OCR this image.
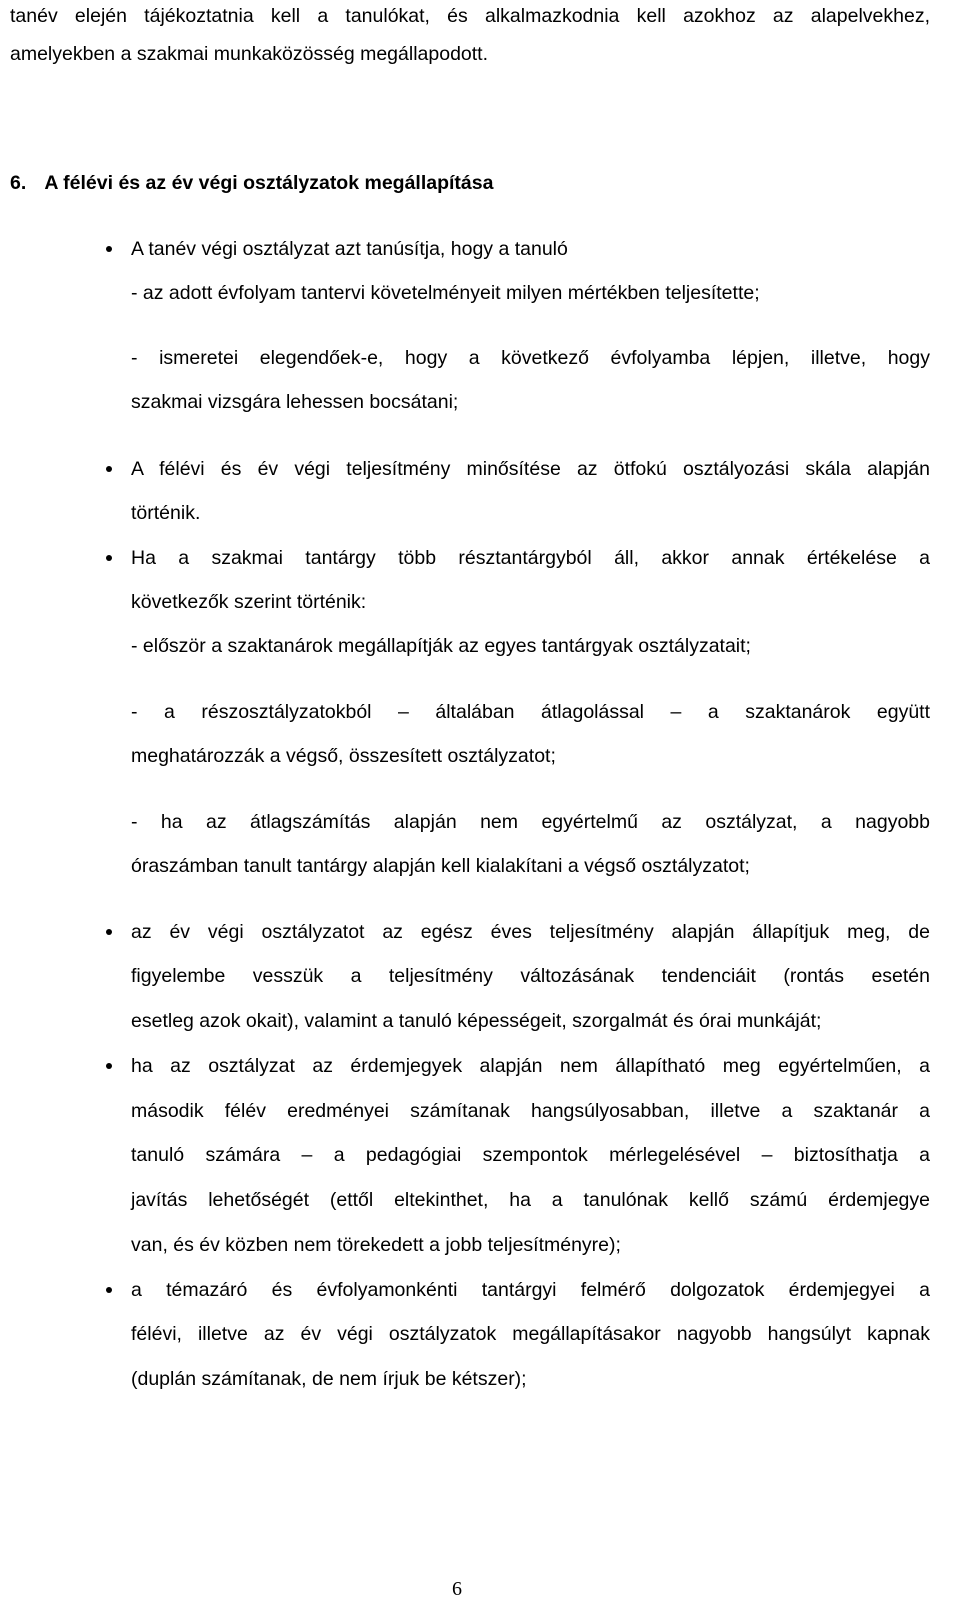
tanév elején tájékoztatnia kell a tanulókat, és alkalmazkodnia kell azokhoz az alapelvekhez,
amelyekben a szakmai munkaközösség megállapodott.
6. A félévi és az év végi osztályzatok megállapítása
A tanév végi osztályzat azt tanúsítja, hogy a tanuló
- az adott évfolyam tantervi követelményeit milyen mértékben teljesítette;
- ismeretei elegendőek-e, hogy a következő évfolyamba lépjen, illetve, hogy
szakmai vizsgára lehessen bocsátani;
A félévi és év végi teljesítmény minősítése az ötfokú osztályozási skála alapján
történik.
Ha a szakmai tantárgy több résztantárgyból áll, akkor annak értékelése a
következők szerint történik:
- először a szaktanárok megállapítják az egyes tantárgyak osztályzatait;
- a részosztályzatokból – általában átlagolással – a szaktanárok együtt
meghatározzák a végső, összesített osztályzatot;
- ha az átlagszámítás alapján nem egyértelmű az osztályzat, a nagyobb
óraszámban tanult tantárgy alapján kell kialakítani a végső osztályzatot;
az év végi osztályzatot az egész éves teljesítmény alapján állapítjuk meg, de
figyelembe vesszük a teljesítmény változásának tendenciáit (rontás esetén
esetleg azok okait), valamint a tanuló képességeit, szorgalmát és órai munkáját;
ha az osztályzat az érdemjegyek alapján nem állapítható meg egyértelműen, a
második félév eredményei számítanak hangsúlyosabban, illetve a szaktanár a
tanuló számára – a pedagógiai szempontok mérlegelésével – biztosíthatja a
javítás lehetőségét (ettől eltekinthet, ha a tanulónak kellő számú érdemjegye
van, és év közben nem törekedett a jobb teljesítményre);
a témazáró és évfolyamonkénti tantárgyi felmérő dolgozatok érdemjegyei a
félévi, illetve az év végi osztályzatok megállapításakor nagyobb hangsúlyt kapnak
(duplán számítanak, de nem írjuk be kétszer);
6
